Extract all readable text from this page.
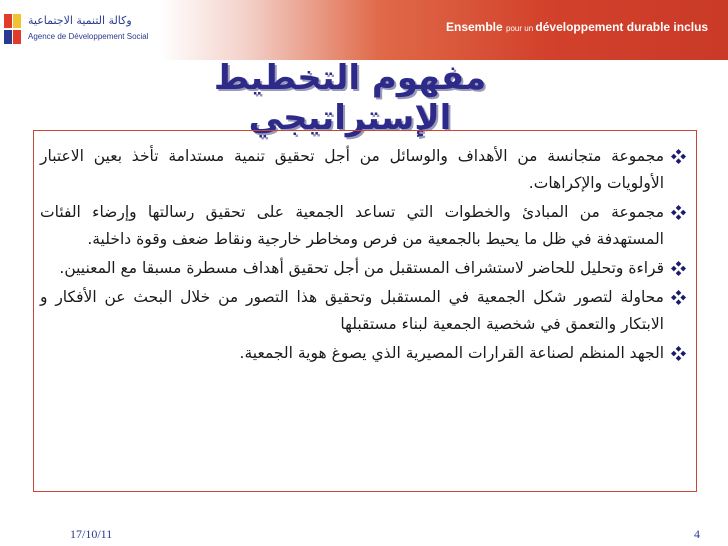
وكالة التنمية الاجتماعية
Agence de Développement Social
Ensemble pour un développement durable inclus
مفهوم التخطيط الإستراتيجي
مجموعة متجانسة من الأهداف والوسائل من أجل تحقيق تنمية مستدامة تأخذ بعين الاعتبار الأولويات والإكراهات.
مجموعة من المبادئ والخطوات التي تساعد الجمعية على تحقيق رسالتها وإرضاء الفئات المستهدفة في ظل ما يحيط بالجمعية من فرص ومخاطر خارجية ونقاط ضعف وقوة داخلية.
قراءة وتحليل للحاضر لاستشراف المستقبل من أجل تحقيق أهداف مسطرة مسبقا مع المعنيين.
محاولة لتصور شكل الجمعية في المستقبل وتحقيق هذا التصور من خلال البحث عن الأفكار و الابتكار والتعمق في شخصية الجمعية لبناء مستقبلها
الجهد المنظم لصناعة القرارات المصيرية الذي يصوغ هوية الجمعية.
17/10/11	4
